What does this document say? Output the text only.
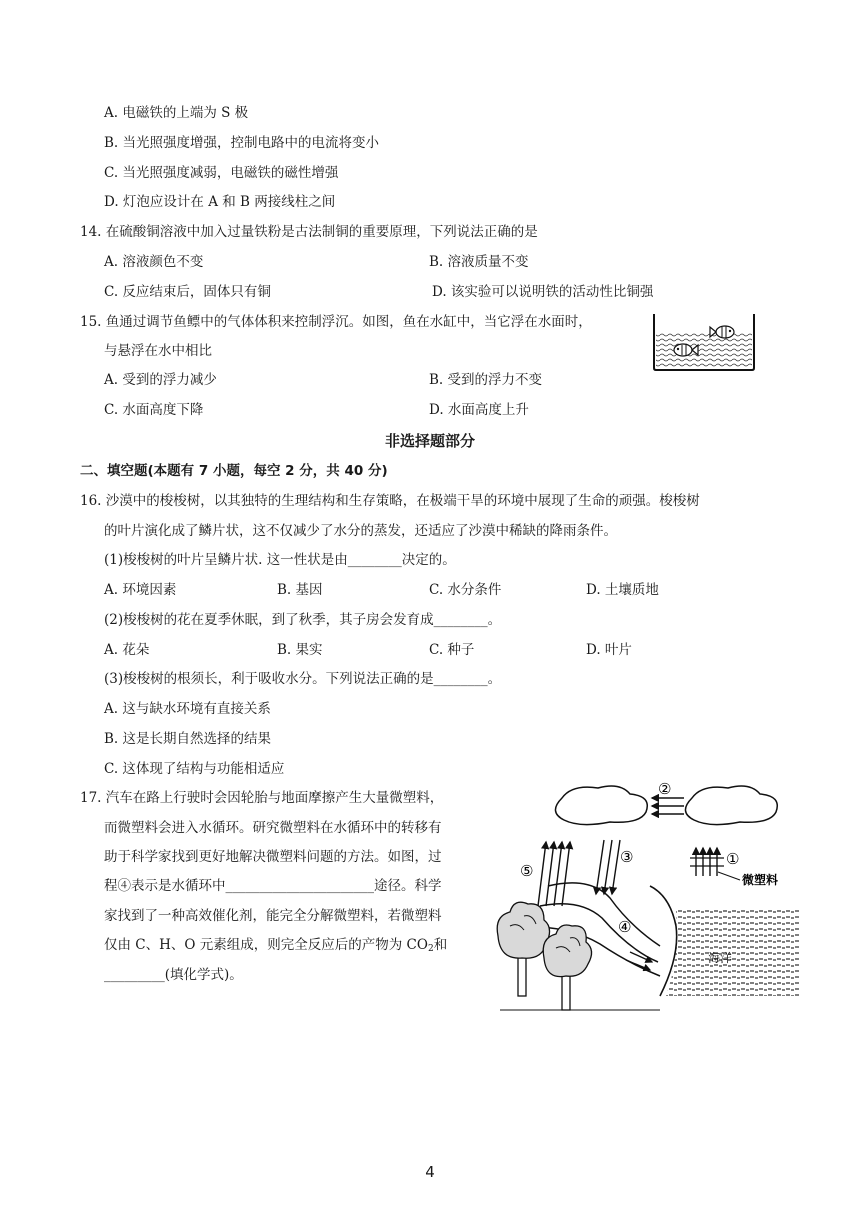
A. 电磁铁的上端为 S 极
B. 当光照强度增强，控制电路中的电流将变小
C. 当光照强度减弱，电磁铁的磁性增强
D. 灯泡应设计在 A 和 B 两接线柱之间
14. 在硫酸铜溶液中加入过量铁粉是古法制铜的重要原理，下列说法正确的是
A. 溶液颜色不变	B. 溶液质量不变
C. 反应结束后，固体只有铜	D. 该实验可以说明铁的活动性比铜强
15. 鱼通过调节鱼鳔中的气体体积来控制浮沉。如图，鱼在水缸中，当它浮在水面时，
与悬浮在水中相比
A. 受到的浮力减少	B. 受到的浮力不变
C. 水面高度下降	D. 水面高度上升
非选择题部分
二、填空题(本题有 7 小题，每空 2 分，共 40 分)
16. 沙漠中的梭梭树，以其独特的生理结构和生存策略，在极端干旱的环境中展现了生命的顽强。梭梭树
的叶片演化成了鳞片状，这不仅减少了水分的蒸发，还适应了沙漠中稀缺的降雨条件。
(1)梭梭树的叶片呈鳞片状. 这一性状是由________决定的。
A. 环境因素	B. 基因	C. 水分条件	D. 土壤质地
(2)梭梭树的花在夏季休眠，到了秋季，其子房会发育成________。
A. 花朵	B. 果实	C. 种子	D. 叶片
(3)梭梭树的根须长，利于吸收水分。下列说法正确的是________。
A. 这与缺水环境有直接关系
B. 这是长期自然选择的结果
C. 这体现了结构与功能相适应
17. 汽车在路上行驶时会因轮胎与地面摩擦产生大量微塑料，
而微塑料会进入水循环。研究微塑料在水循环中的转移有
助于科学家找到更好地解决微塑料问题的方法。如图，过
程④表示是水循环中______________________途径。科学
家找到了一种高效催化剂，能完全分解微塑料，若微塑料
仅由 C、H、O 元素组成，则完全反应后的产物为 $CO_2$和
_________(填化学式)。
②
⑤
③	①
微塑料
④
海洋
4
